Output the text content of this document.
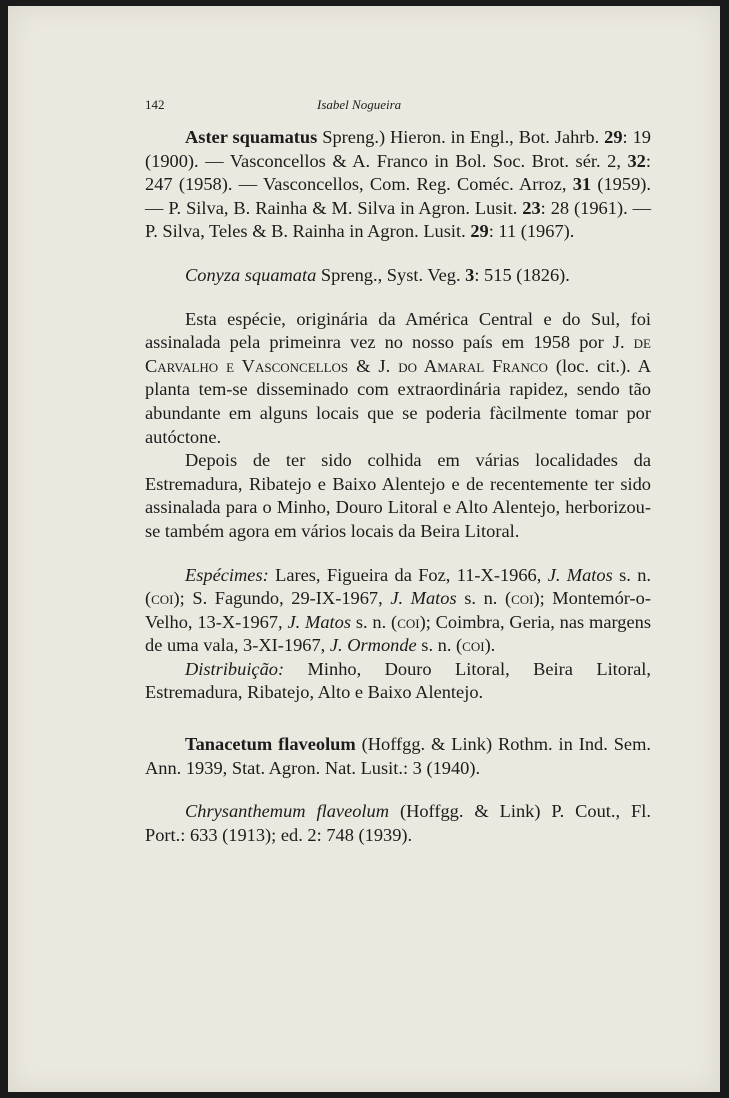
142	Isabel Nogueira

Aster squamatus Spreng.) Hieron. in Engl., Bot. Jahrb. 29: 19 (1900). — Vasconcellos & A. Franco in Bol. Soc. Brot. sér. 2, 32: 247 (1958). — Vasconcellos, Com. Reg. Coméc. Arroz, 31 (1959). — P. Silva, B. Rainha & M. Silva in Agron. Lusit. 23: 28 (1961). — P. Silva, Teles & B. Rainha in Agron. Lusit. 29: 11 (1967).

Conyza squamata Spreng., Syst. Veg. 3: 515 (1826).

Esta espécie, originária da América Central e do Sul, foi assinalada pela primeinra vez no nosso país em 1958 por J. de Carvalho e Vasconcellos & J. do Amaral Franco (loc. cit.). A planta tem-se disseminado com extraordinária rapidez, sendo tão abundante em alguns locais que se poderia fàcilmente tomar por autóctone.

Depois de ter sido colhida em várias localidades da Estremadura, Ribatejo e Baixo Alentejo e de recentemente ter sido assinalada para o Minho, Douro Litoral e Alto Alentejo, herborizou-se também agora em vários locais da Beira Litoral.

Espécimes: Lares, Figueira da Foz, 11-X-1966, J. Matos s. n. (coi); S. Fagundo, 29-IX-1967, J. Matos s. n. (coi); Montemór-o-Velho, 13-X-1967, J. Matos s. n. (coi); Coimbra, Geria, nas margens de uma vala, 3-XI-1967, J. Ormonde s. n. (coi).

Distribuição: Minho, Douro Litoral, Beira Litoral, Estremadura, Ribatejo, Alto e Baixo Alentejo.

Tanacetum flaveolum (Hoffgg. & Link) Rothm. in Ind. Sem. Ann. 1939, Stat. Agron. Nat. Lusit.: 3 (1940).

Chrysanthemum flaveolum (Hoffgg. & Link) P. Cout., Fl. Port.: 633 (1913); ed. 2: 748 (1939).
